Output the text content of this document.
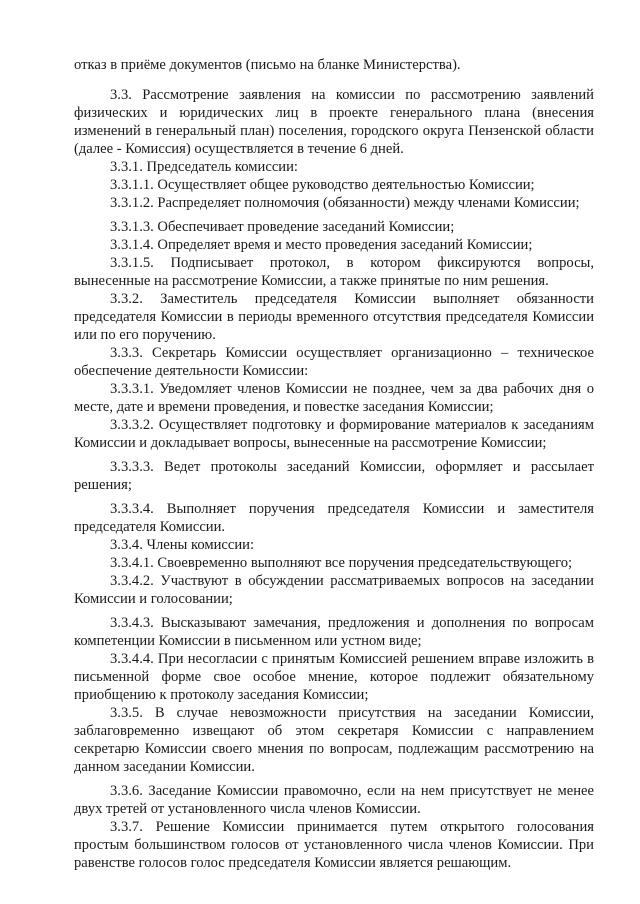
отказ в приёме документов (письмо на бланке Министерства).

3.3. Рассмотрение заявления на комиссии по рассмотрению заявлений физических и юридических лиц в проекте генерального плана (внесения изменений в генеральный план) поселения, городского округа Пензенской области (далее - Комиссия) осуществляется в течение 6 дней.

3.3.1. Председатель комиссии:

3.3.1.1. Осуществляет общее руководство деятельностью Комиссии;

3.3.1.2. Распределяет полномочия (обязанности) между членами Комиссии;

3.3.1.3. Обеспечивает проведение заседаний Комиссии;

3.3.1.4. Определяет время и место проведения заседаний Комиссии;

3.3.1.5. Подписывает протокол, в котором фиксируются вопросы, вынесенные на рассмотрение Комиссии, а также принятые по ним решения.

3.3.2. Заместитель председателя Комиссии выполняет обязанности председателя Комиссии в периоды временного отсутствия председателя Комиссии или по его поручению.

3.3.3. Секретарь Комиссии осуществляет организационно – техническое обеспечение деятельности Комиссии:

3.3.3.1. Уведомляет членов Комиссии не позднее, чем за два рабочих дня о месте, дате и времени проведения, и повестке заседания Комиссии;

3.3.3.2. Осуществляет подготовку и формирование материалов к заседаниям Комиссии и докладывает вопросы, вынесенные на рассмотрение Комиссии;

3.3.3.3. Ведет протоколы заседаний Комиссии, оформляет и рассылает решения;

3.3.3.4. Выполняет поручения председателя Комиссии и заместителя председателя Комиссии.

3.3.4. Члены комиссии:

3.3.4.1. Своевременно выполняют все поручения председательствующего;

3.3.4.2. Участвуют в обсуждении рассматриваемых вопросов на заседании Комиссии и голосовании;

3.3.4.3. Высказывают замечания, предложения и дополнения по вопросам компетенции Комиссии в письменном или устном виде;

3.3.4.4. При несогласии с принятым Комиссией решением вправе изложить в письменной форме свое особое мнение, которое подлежит обязательному приобщению к протоколу заседания Комиссии;

3.3.5. В случае невозможности присутствия на заседании Комиссии, заблаговременно извещают об этом секретаря Комиссии с направлением секретарю Комиссии своего мнения по вопросам, подлежащим рассмотрению на данном заседании Комиссии.

3.3.6. Заседание Комиссии правомочно, если на нем присутствует не менее двух третей от установленного числа членов Комиссии.

3.3.7. Решение Комиссии принимается путем открытого голосования простым большинством голосов от установленного числа членов Комиссии. При равенстве голосов голос председателя Комиссии является решающим.
